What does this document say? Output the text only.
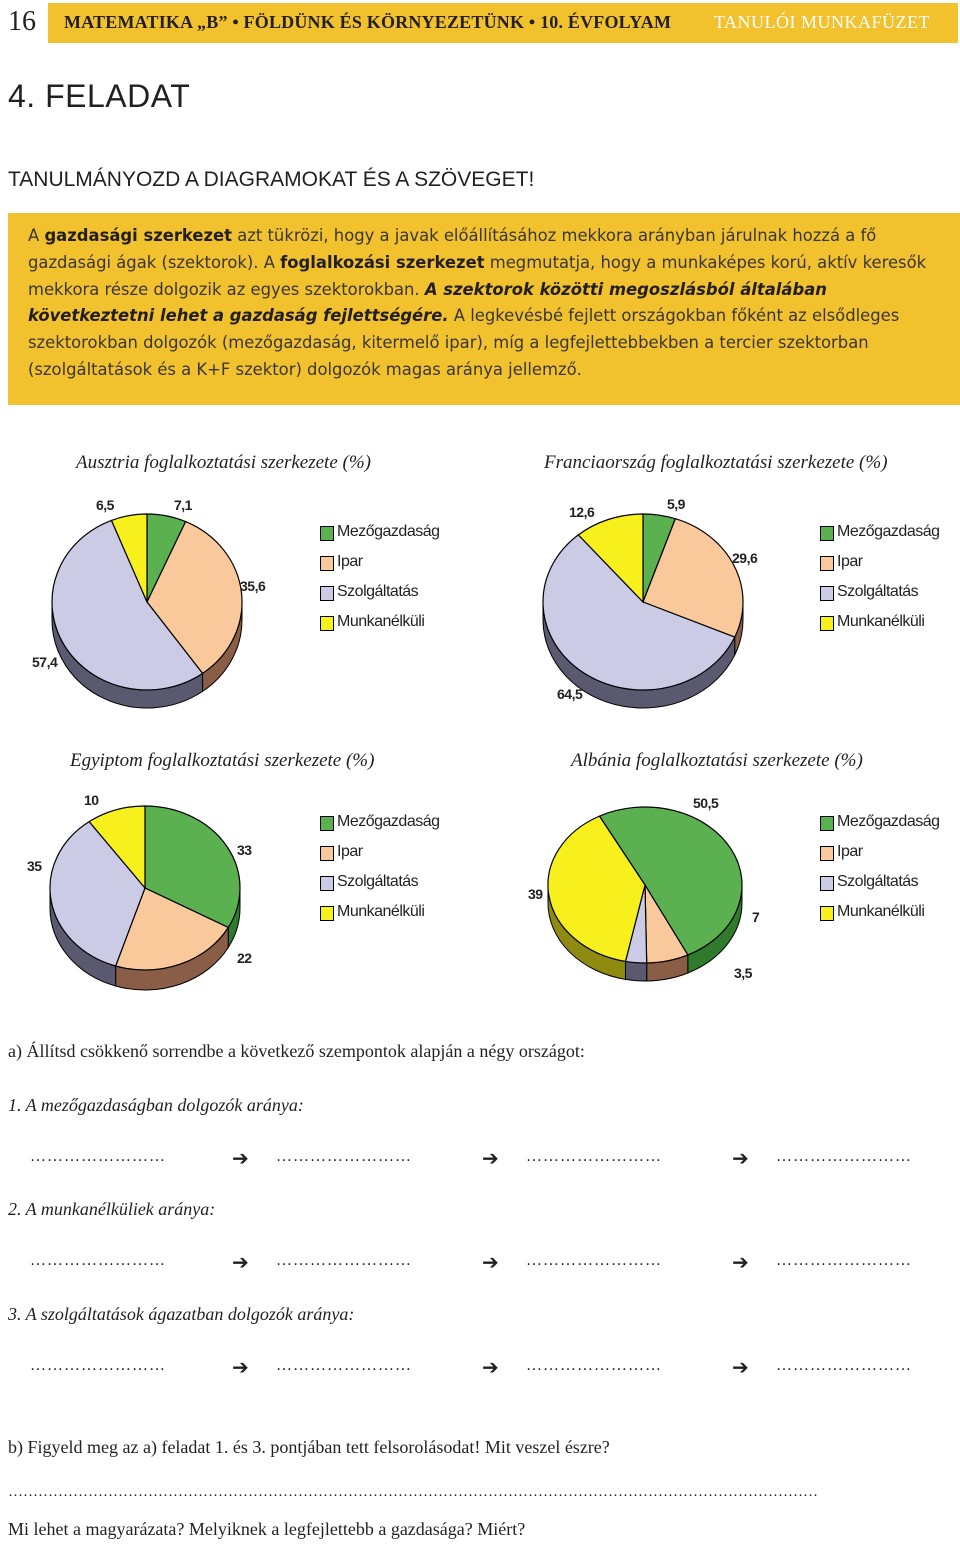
16 MATEMATIKA „B” • FÖLDÜNK ÉS KÖRNYEZETÜNK • 10. ÉVFOLYAM TANULÓI MUNKAFÜZET
4. FELADAT
TANULMÁNYOZD A DIAGRAMOKAT ÉS A SZÖVEGET!
A gazdasági szerkezet azt tükrözi, hogy a javak előállításához mekkora arányban járulnak hozzá a fő gazdasági ágak (szektorok). A foglalkozási szerkezet megmutatja, hogy a munkaképes korú, aktív keresők mekkora része dolgozik az egyes szektorokban. A szektorok közötti megoszlásból általában következtetni lehet a gazdaság fejlettségére. A legkevésbé fejlett országokban főként az elsődleges szektorokban dolgozók (mezőgazdaság, kitermelő ipar), míg a legfejlettebbekben a tercier szektorban (szolgáltatások és a K+F szektor) dolgozók magas aránya jellemző.
Ausztria foglalkoztatási szerkezete (%)	Franciaország foglalkoztatási szerkezete (%)
Egyiptom foglalkoztatási szerkezete (%)	Albánia foglalkoztatási szerkezete (%)
6,5	7,1
35,6
57,4
12,6	5,9
29,6
64,5
10
33
35
22
50,5
39
7
3,5
Mezőgazdaság
Ipar
Szolgáltatás
Munkanélküli
Mezőgazdaság
Ipar
Szolgáltatás
Munkanélküli
Mezőgazdaság
Ipar
Szolgáltatás
Munkanélküli
Mezőgazdaság
Ipar
Szolgáltatás
Munkanélküli
a) Állítsd csökkenő sorrendbe a következő szempontok alapján a négy országot:
1. A mezőgazdaságban dolgozók aránya:
……………………	➔ ……………………	➔ ……………………	➔ ……………………
2. A munkanélküliek aránya:
……………………	➔ ……………………	➔ ……………………	➔ ……………………
3. A szolgáltatások ágazatban dolgozók aránya:
……………………	➔ ……………………	➔ ……………………	➔ ……………………
b) Figyeld meg az a) feladat 1. és 3. pontjában tett felsorolásodat! Mit veszel észre?
………………………………………………………………………………………………………………………………………………
Mi lehet a magyarázata? Melyiknek a legfejlettebb a gazdasága? Miért?
